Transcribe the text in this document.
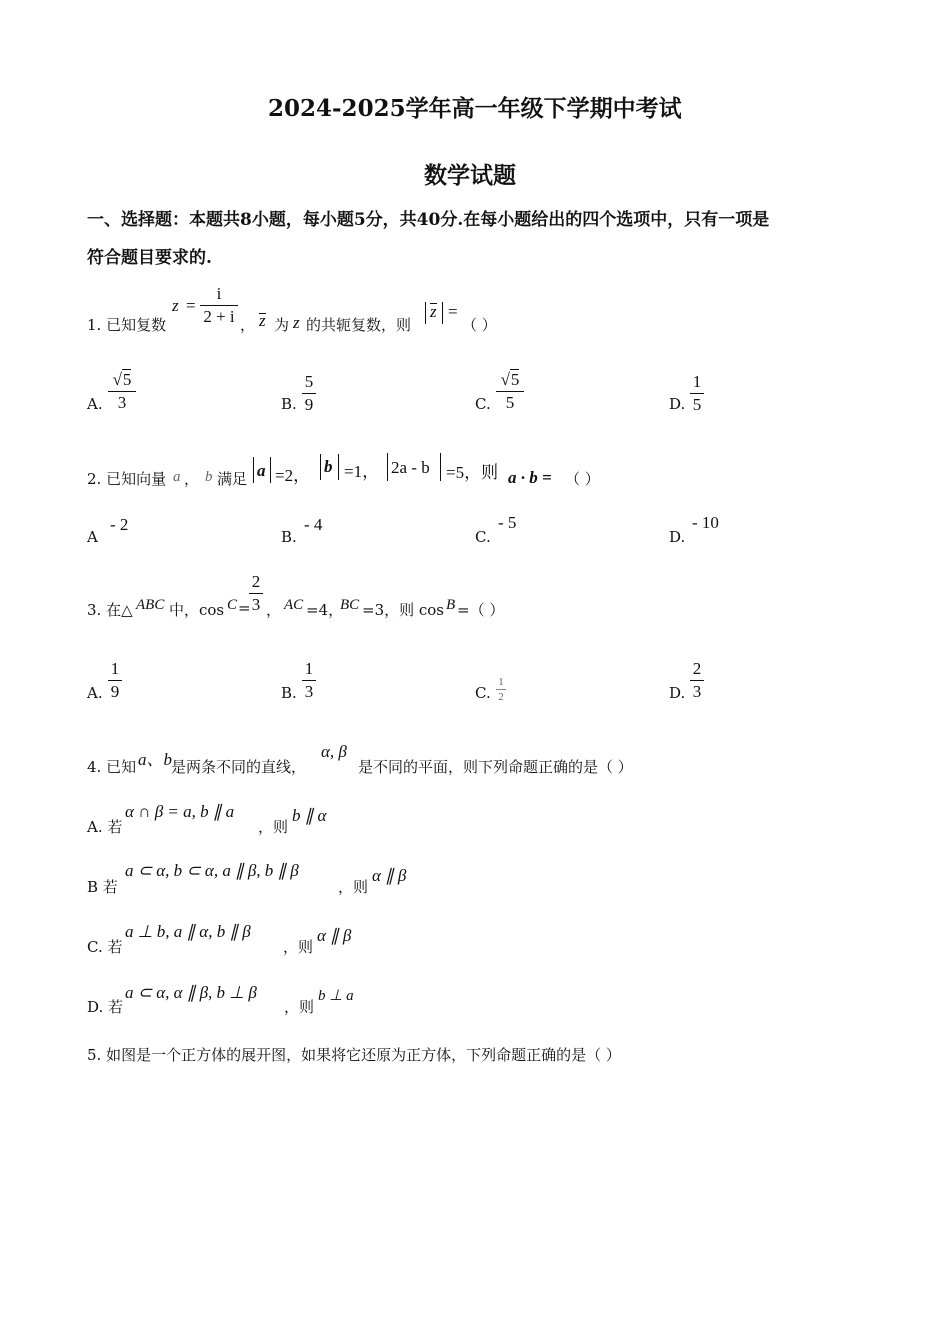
2024-2025学年高一年级下学期中考试
数学试题
一、选择题：本题共8小题，每小题5分，共40分.在每小题给出的四个选项中，只有一项是
符合题目要求的.
1. 已知复数
z =
i
2 + i ， z 为 z 的共轭复数，则
z =
（ ）
A.
√5
3	B.
5
9	C.
√5
5	D.
1
5
2. 已知向量 a ， b 满足 a =2， b =1， 2a - b =5，则 a · b = （ ）
A
- 2
B.
- 4
C.
- 5
D.
- 10
3. 在△ ABC 中，cos C =
2
3 ， AC =4，
BC =3，则 cos B =（ ）
A.
1
9	B.
1
3	C.
1
2	D.
2
3
4. 已知 a、b 是两条不同的直线，
α, β
是不同的平面，则下列命题正确的是（ ）
A. 若
α ∩ β = a, b ∥ a
，则
b ∥ α
B 若
a ⊂ α, b ⊂ α, a ∥ β, b ∥ β
，则
α ∥ β
C. 若
a ⊥ b, a ∥ α, b ∥ β
，则
α ∥ β
D. 若
a ⊂ α, α ∥ β, b ⊥ β
，则
b ⊥ a
5. 如图是一个正方体的展开图，如果将它还原为正方体，下列命题正确的是（ ）
